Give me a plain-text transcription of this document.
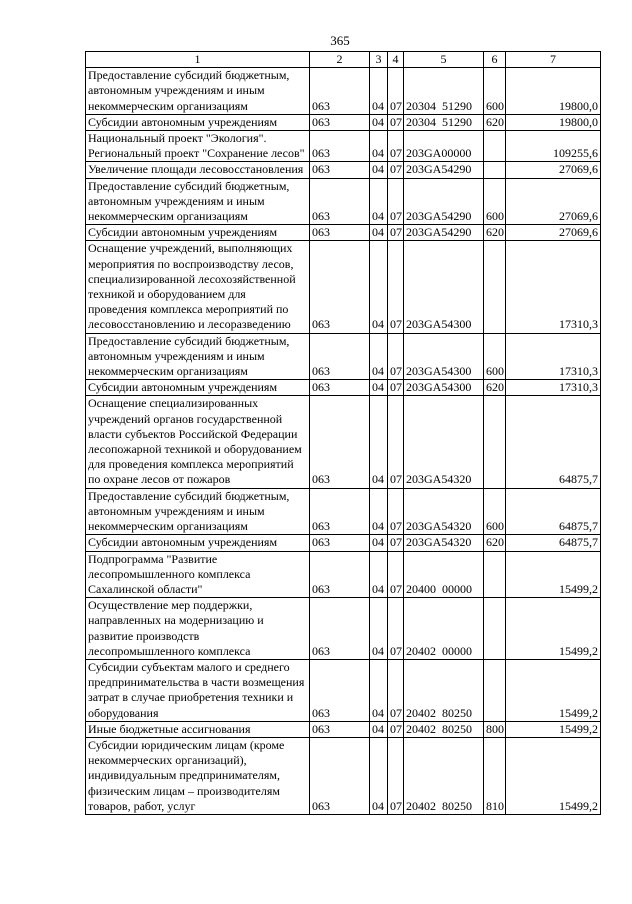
365
1	2	3	4	5	6	7
Предоставление субсидий бюджетным, автономным учреждениям и иным некоммерческим организациям	063	04	07	20304  51290	600	19800,0
Субсидии автономным учреждениям	063	04	07	20304  51290	620	19800,0
Национальный проект "Экология". Региональный проект "Сохранение лесов"	063	04	07	203GA00000		109255,6
Увеличение площади лесовосстановления	063	04	07	203GA54290		27069,6
Предоставление субсидий бюджетным, автономным учреждениям и иным некоммерческим организациям	063	04	07	203GA54290	600	27069,6
Субсидии автономным учреждениям	063	04	07	203GA54290	620	27069,6
Оснащение учреждений, выполняющих мероприятия по воспроизводству лесов, специализированной лесохозяйственной техникой и оборудованием для проведения комплекса мероприятий по лесовосстановлению и лесоразведению	063	04	07	203GA54300		17310,3
Предоставление субсидий бюджетным, автономным учреждениям и иным некоммерческим организациям	063	04	07	203GA54300	600	17310,3
Субсидии автономным учреждениям	063	04	07	203GA54300	620	17310,3
Оснащение специализированных учреждений органов государственной власти субъектов Российской Федерации лесопожарной техникой и оборудованием для проведения комплекса мероприятий по охране лесов от пожаров	063	04	07	203GA54320		64875,7
Предоставление субсидий бюджетным, автономным учреждениям и иным некоммерческим организациям	063	04	07	203GA54320	600	64875,7
Субсидии автономным учреждениям	063	04	07	203GA54320	620	64875,7
Подпрограмма "Развитие лесопромышленного комплекса Сахалинской области"	063	04	07	20400  00000		15499,2
Осуществление мер поддержки, направленных на модернизацию и развитие производств лесопромышленного комплекса	063	04	07	20402  00000		15499,2
Субсидии субъектам малого и среднего предпринимательства в части возмещения затрат в случае приобретения техники и оборудования	063	04	07	20402  80250		15499,2
Иные бюджетные ассигнования	063	04	07	20402  80250	800	15499,2
Субсидии юридическим лицам (кроме некоммерческих организаций), индивидуальным предпринимателям, физическим лицам – производителям товаров, работ, услуг	063	04	07	20402  80250	810	15499,2
